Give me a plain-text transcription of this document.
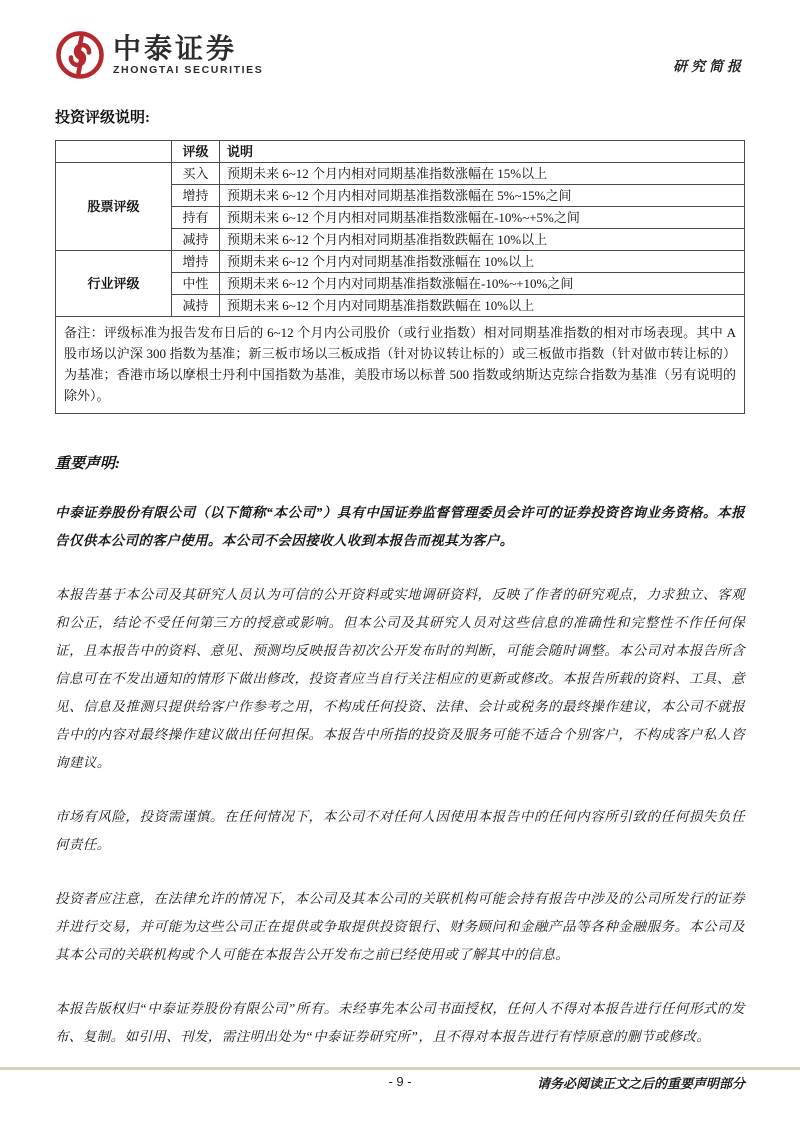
中泰证券
ZHONGTAI SECURITIES	研究简报
投资评级说明:
	评级	说明
股票评级	买入	预期未来 6~12 个月内相对同期基准指数涨幅在 15%以上
	增持	预期未来 6~12 个月内相对同期基准指数涨幅在 5%~15%之间
	持有	预期未来 6~12 个月内相对同期基准指数涨幅在-10%~+5%之间
	减持	预期未来 6~12 个月内相对同期基准指数跌幅在 10%以上
行业评级	增持	预期未来 6~12 个月内对同期基准指数涨幅在 10%以上
	中性	预期未来 6~12 个月内对同期基准指数涨幅在-10%~+10%之间
	减持	预期未来 6~12 个月内对同期基准指数跌幅在 10%以上
备注：评级标准为报告发布日后的 6~12 个月内公司股价（或行业指数）相对同期基准指数的相对市场表现。其中 A 股市场以沪深 300 指数为基准；新三板市场以三板成指（针对协议转让标的）或三板做市指数（针对做市转让标的）为基准；香港市场以摩根士丹利中国指数为基准，美股市场以标普 500 指数或纳斯达克综合指数为基准（另有说明的除外）。		
重要声明:

中泰证券股份有限公司（以下简称“本公司”）具有中国证券监督管理委员会许可的证券投资咨询业务资格。本报告仅供本公司的客户使用。本公司不会因接收人收到本报告而视其为客户。

本报告基于本公司及其研究人员认为可信的公开资料或实地调研资料，反映了作者的研究观点，力求独立、客观和公正，结论不受任何第三方的授意或影响。但本公司及其研究人员对这些信息的准确性和完整性不作任何保证，且本报告中的资料、意见、预测均反映报告初次公开发布时的判断，可能会随时调整。本公司对本报告所含信息可在不发出通知的情形下做出修改，投资者应当自行关注相应的更新或修改。本报告所载的资料、工具、意见、信息及推测只提供给客户作参考之用，不构成任何投资、法律、会计或税务的最终操作建议，本公司不就报告中的内容对最终操作建议做出任何担保。本报告中所指的投资及服务可能不适合个别客户，不构成客户私人咨询建议。

市场有风险，投资需谨慎。在任何情况下，本公司不对任何人因使用本报告中的任何内容所引致的任何损失负任何责任。

投资者应注意，在法律允许的情况下，本公司及其本公司的关联机构可能会持有报告中涉及的公司所发行的证券并进行交易，并可能为这些公司正在提供或争取提供投资银行、财务顾问和金融产品等各种金融服务。本公司及其本公司的关联机构或个人可能在本报告公开发布之前已经使用或了解其中的信息。

本报告版权归“中泰证券股份有限公司”所有。未经事先本公司书面授权，任何人不得对本报告进行任何形式的发布、复制。如引用、刊发，需注明出处为“中泰证券研究所”，且不得对本报告进行有悖原意的删节或修改。

- 9 -	请务必阅读正文之后的重要声明部分
